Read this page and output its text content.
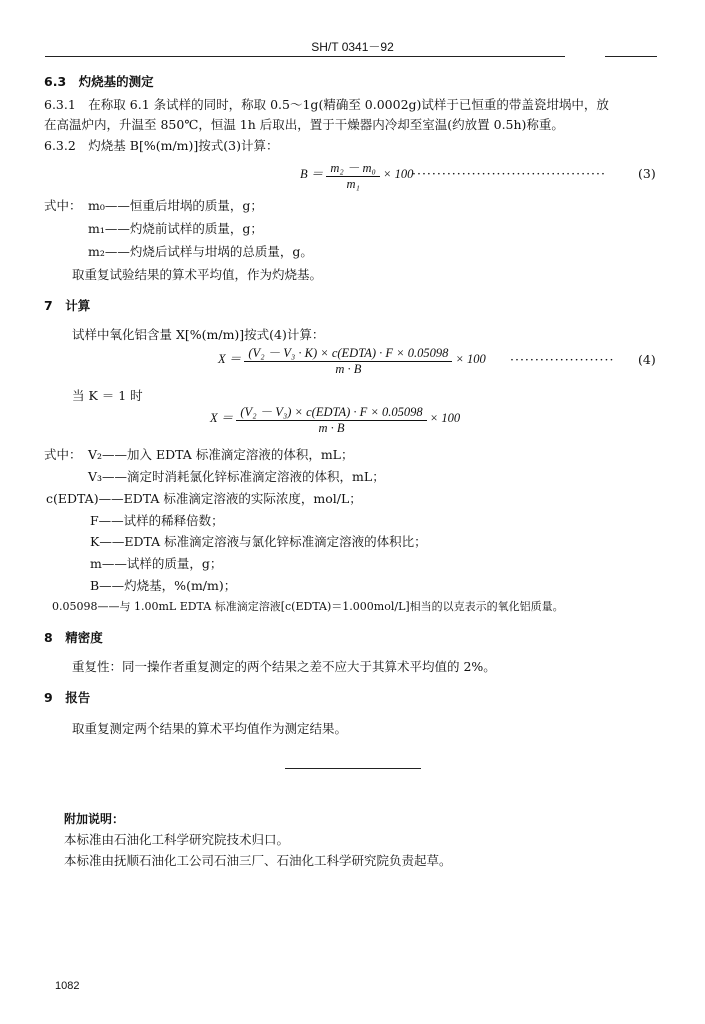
SH/T 0341－92
6.3　灼烧基的测定
6.3.1　在称取 6.1 条试样的同时，称取 0.5～1g(精确至 0.0002g)试样于已恒重的带盖瓷坩埚中，放
在高温炉内，升温至 850℃，恒温 1h 后取出，置于干燥器内冷却至室温(约放置 0.5h)称重。
6.3.2　灼烧基 B[%(m/m)]按式(3)计算：
$B = \frac{\text{m₂ － m₀}}{\text{m₁}} \times 100$
·······································	(3)
式中： m₀——恒重后坩埚的质量，g；
m₁——灼烧前试样的质量，g；
m₂——灼烧后试样与坩埚的总质量，g。
取重复试验结果的算术平均值，作为灼烧基。
7　计算
试样中氧化铝含量 X[%(m/m)]按式(4)计算：
$X = \frac{\text{(V₂ － V₃ · K) × c(EDTA) · F × 0.05098}}{m \cdot B} \times 100$ ····················· (4)
当 K ＝ 1 时
$X = \frac{\text{(V₂ － V₃) × c(EDTA) · F × 0.05098}}{m \cdot B} \times 100$
式中： V₂——加入 EDTA 标准滴定溶液的体积，mL；
V₃——滴定时消耗氯化锌标准滴定溶液的体积，mL；
c(EDTA)——EDTA 标准滴定溶液的实际浓度，mol/L；
F——试样的稀释倍数；
K——EDTA 标准滴定溶液与氯化锌标准滴定溶液的体积比；
m——试样的质量，g；
B——灼烧基，%(m/m)；
0.05098——与 1.00mL EDTA 标准滴定溶液[c(EDTA)＝1.000mol/L]相当的以克表示的氧化铝质量。
8　精密度
重复性：同一操作者重复测定的两个结果之差不应大于其算术平均值的 2%。
9　报告
取重复测定两个结果的算术平均值作为测定结果。
附加说明：
本标准由石油化工科学研究院技术归口。
本标准由抚顺石油化工公司石油三厂、石油化工科学研究院负责起草。
1082
